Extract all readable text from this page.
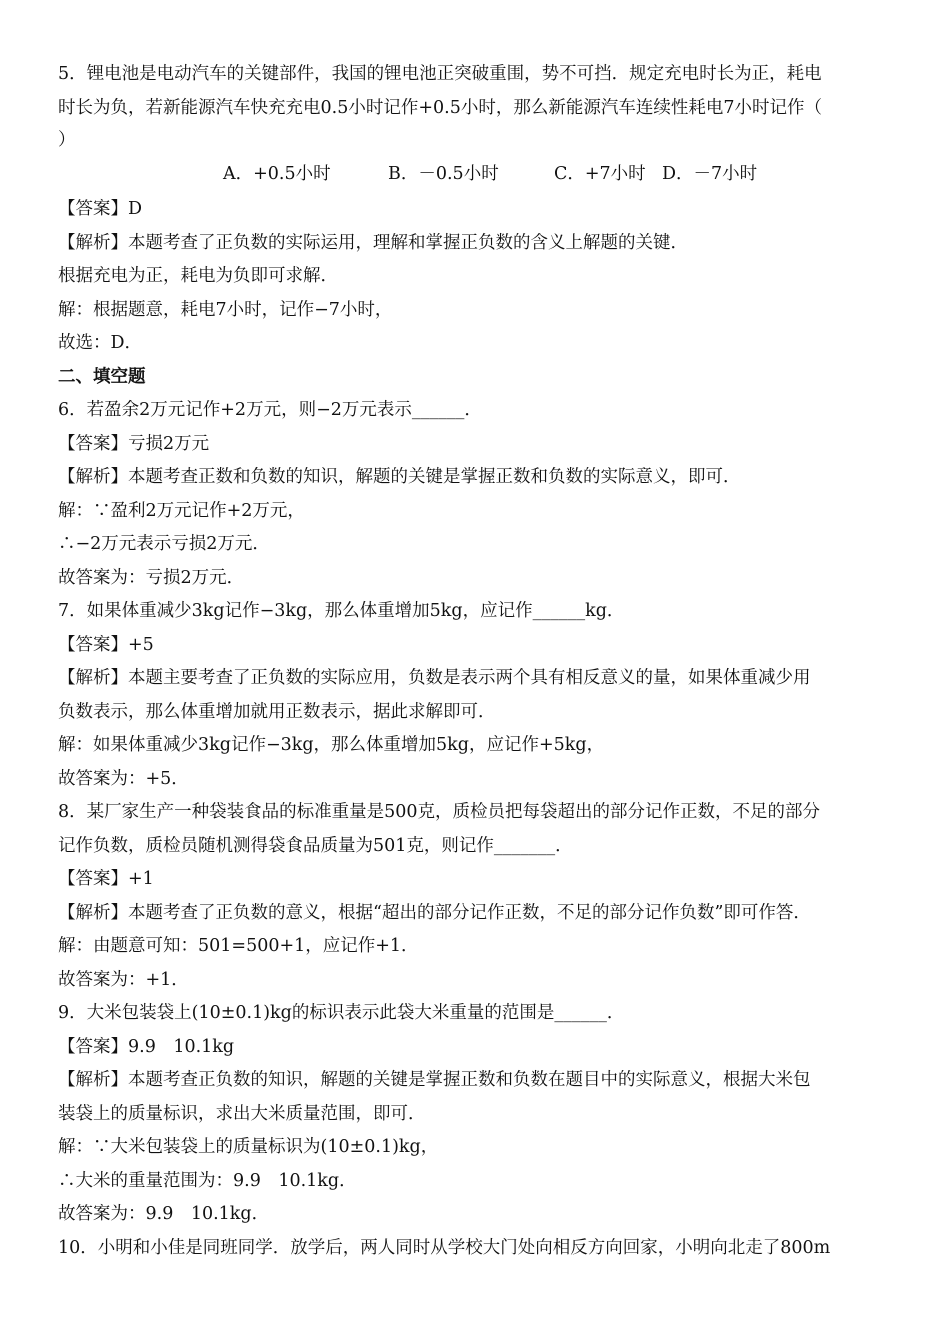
5．锂电池是电动汽车的关键部件，我国的锂电池正突破重围，势不可挡．规定充电时长为正，耗电
时长为负，若新能源汽车快充充电0.5小时记作+0.5小时，那么新能源汽车连续性耗电7小时记作（
）
A．+0.5小时	B．－0.5小时	C．+7小时 D．－7小时
【答案】D
【解析】本题考查了正负数的实际运用，理解和掌握正负数的含义上解题的关键．
根据充电为正，耗电为负即可求解．
解：根据题意，耗电7小时，记作−7小时，
故选：D．
二、填空题
6．若盈余2万元记作+2万元，则−2万元表示______．
【答案】亏损2万元
【解析】本题考查正数和负数的知识，解题的关键是掌握正数和负数的实际意义，即可．
解：∵盈利2万元记作+2万元，
∴−2万元表示亏损2万元．
故答案为：亏损2万元．
7．如果体重减少3kg记作−3kg，那么体重增加5kg，应记作______kg．
【答案】+5
【解析】本题主要考查了正负数的实际应用，负数是表示两个具有相反意义的量，如果体重减少用
负数表示，那么体重增加就用正数表示，据此求解即可．
解：如果体重减少3kg记作−3kg，那么体重增加5kg，应记作+5kg，
故答案为：+5．
8．某厂家生产一种袋装食品的标准重量是500克，质检员把每袋超出的部分记作正数，不足的部分
记作负数，质检员随机测得袋食品质量为501克，则记作_______．
【答案】+1
【解析】本题考查了正负数的意义，根据“超出的部分记作正数，不足的部分记作负数”即可作答．
解：由题意可知：501=500+1，应记作+1．
故答案为：+1．
9．大米包装袋上(10±0.1)kg的标识表示此袋大米重量的范围是______．
【答案】9.9　10.1kg
【解析】本题考查正负数的知识，解题的关键是掌握正数和负数在题目中的实际意义，根据大米包
装袋上的质量标识，求出大米质量范围，即可．
解：∵大米包装袋上的质量标识为(10±0.1)kg，
∴大米的重量范围为：9.9　10.1kg．
故答案为：9.9　10.1kg．
10．小明和小佳是同班同学．放学后，两人同时从学校大门处向相反方向回家，小明向北走了800m
